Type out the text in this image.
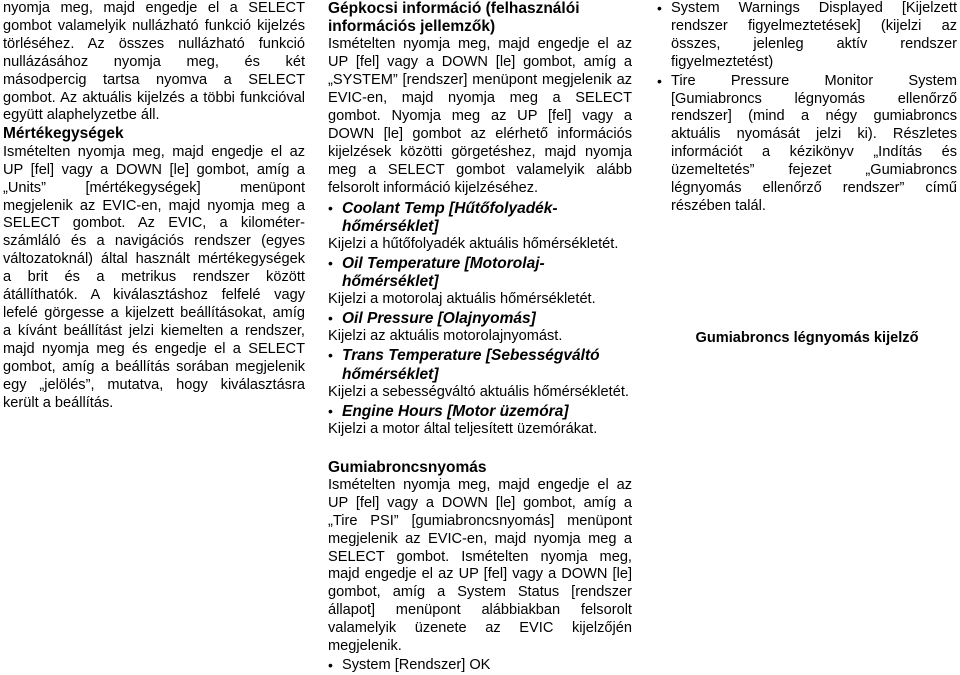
nyomja meg, majd engedje el a SELECT gombot valamelyik nullázható funkció kijelzés törléséhez. Az összes nullázható funkció nullázásához nyomja meg, és két másodpercig tartsa nyomva a SELECT gombot. Az aktuális kijelzés a többi funkcióval együtt alaphelyzetbe áll.

Mértékegységek

Ismételten nyomja meg, majd engedje el az UP [fel] vagy a DOWN [le] gombot, amíg a „Units” [mértékegységek] menüpont megjelenik az EVIC-en, majd nyomja meg a SELECT gombot. Az EVIC, a kilométer-számláló és a navigációs rendszer (egyes változatoknál) által használt mértékegységek a brit és a metrikus rendszer között átállíthatók. A kiválasztáshoz felfelé vagy lefelé görgesse a kijelzett beállításokat, amíg a kívánt beállítást jelzi kiemelten a rendszer, majd nyomja meg és engedje el a SELECT gombot, amíg a beállítás sorában megjelenik egy „jelölés”, mutatva, hogy kiválasztásra került a beállítás.

Gépkocsi információ (felhasználói információs jellemzők)

Ismételten nyomja meg, majd engedje el az UP [fel] vagy a DOWN [le] gombot, amíg a „SYSTEM” [rendszer] menüpont megjelenik az EVIC-en, majd nyomja meg a SELECT gombot. Nyomja meg az UP [fel] vagy a DOWN [le] gombot az elérhető információs kijelzések közötti görgetéshez, majd nyomja meg a SELECT gombot valamelyik alább felsorolt információ kijelzéséhez.

• Coolant Temp [Hűtőfolyadék-hőmérséklet]
Kijelzi a hűtőfolyadék aktuális hőmérsékletét.
• Oil Temperature [Motorolaj-hőmérséklet]
Kijelzi a motorolaj aktuális hőmérsékletét.
• Oil Pressure [Olajnyomás]
Kijelzi az aktuális motorolajnyomást.
• Trans Temperature [Sebességváltó hőmérséklet]
Kijelzi a sebességváltó aktuális hőmérsékletét.
• Engine Hours [Motor üzemóra]
Kijelzi a motor által teljesített üzemórákat.
Gumiabroncsnyomás

Ismételten nyomja meg, majd engedje el az UP [fel] vagy a DOWN [le] gombot, amíg a „Tire PSI” [gumiabroncsnyomás] menüpont megjelenik az EVIC-en, majd nyomja meg a SELECT gombot. Ismételten nyomja meg, majd engedje el az UP [fel] vagy a DOWN [le] gombot, amíg a System Status [rendszer állapot] menüpont alábbiakban felsorolt valamelyik üzenete az EVIC kijelzőjén megjelenik.

• System [Rendszer] OK
• System Warnings Displayed [Kijelzett rendszer figyelmeztetések] (kijelzi az összes, jelenleg aktív rendszer figyelmeztetést)
• Tire Pressure Monitor System [Gumiabroncs légnyomás ellenőrző rendszer] (mind a négy gumiabroncs aktuális nyomását jelzi ki). Részletes információt a kézikönyv „Indítás és üzemeltetés” fejezet „Gumiabroncs légnyomás ellenőrző rendszer” című részében talál.
Gumiabroncs légnyomás kijelző
